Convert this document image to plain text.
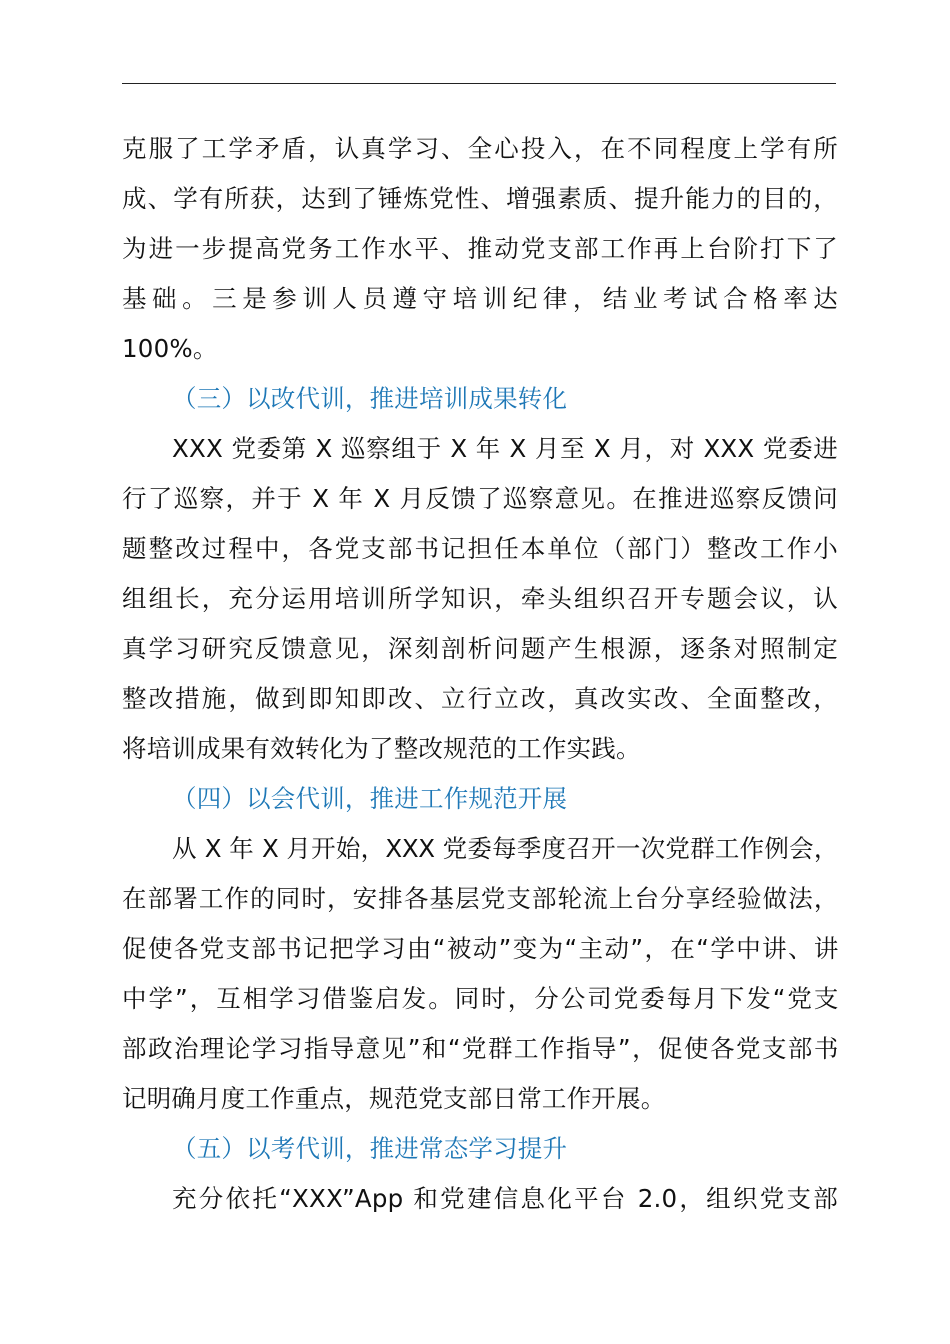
克服了工学矛盾，认真学习、全心投入，在不同程度上学有所
成、学有所获，达到了锤炼党性、增强素质、提升能力的目的，
为进一步提高党务工作水平、推动党支部工作再上台阶打下了
基础。三是参训人员遵守培训纪律，结业考试合格率达
100%。
（三）以改代训，推进培训成果转化
XXX 党委第 X 巡察组于 X 年 X 月至 X 月，对 XXX 党委进
行了巡察，并于 X 年 X 月反馈了巡察意见。在推进巡察反馈问
题整改过程中，各党支部书记担任本单位（部门）整改工作小
组组长，充分运用培训所学知识，牵头组织召开专题会议，认
真学习研究反馈意见，深刻剖析问题产生根源，逐条对照制定
整改措施，做到即知即改、立行立改，真改实改、全面整改，
将培训成果有效转化为了整改规范的工作实践。
（四）以会代训，推进工作规范开展
从 X 年 X 月开始，XXX 党委每季度召开一次党群工作例会，
在部署工作的同时，安排各基层党支部轮流上台分享经验做法，
促使各党支部书记把学习由“被动”变为“主动”，在“学中讲、讲
中学”，互相学习借鉴启发。同时，分公司党委每月下发“党支
部政治理论学习指导意见”和“党群工作指导”，促使各党支部书
记明确月度工作重点，规范党支部日常工作开展。
（五）以考代训，推进常态学习提升
充分依托“XXX”App 和党建信息化平台 2.0，组织党支部
